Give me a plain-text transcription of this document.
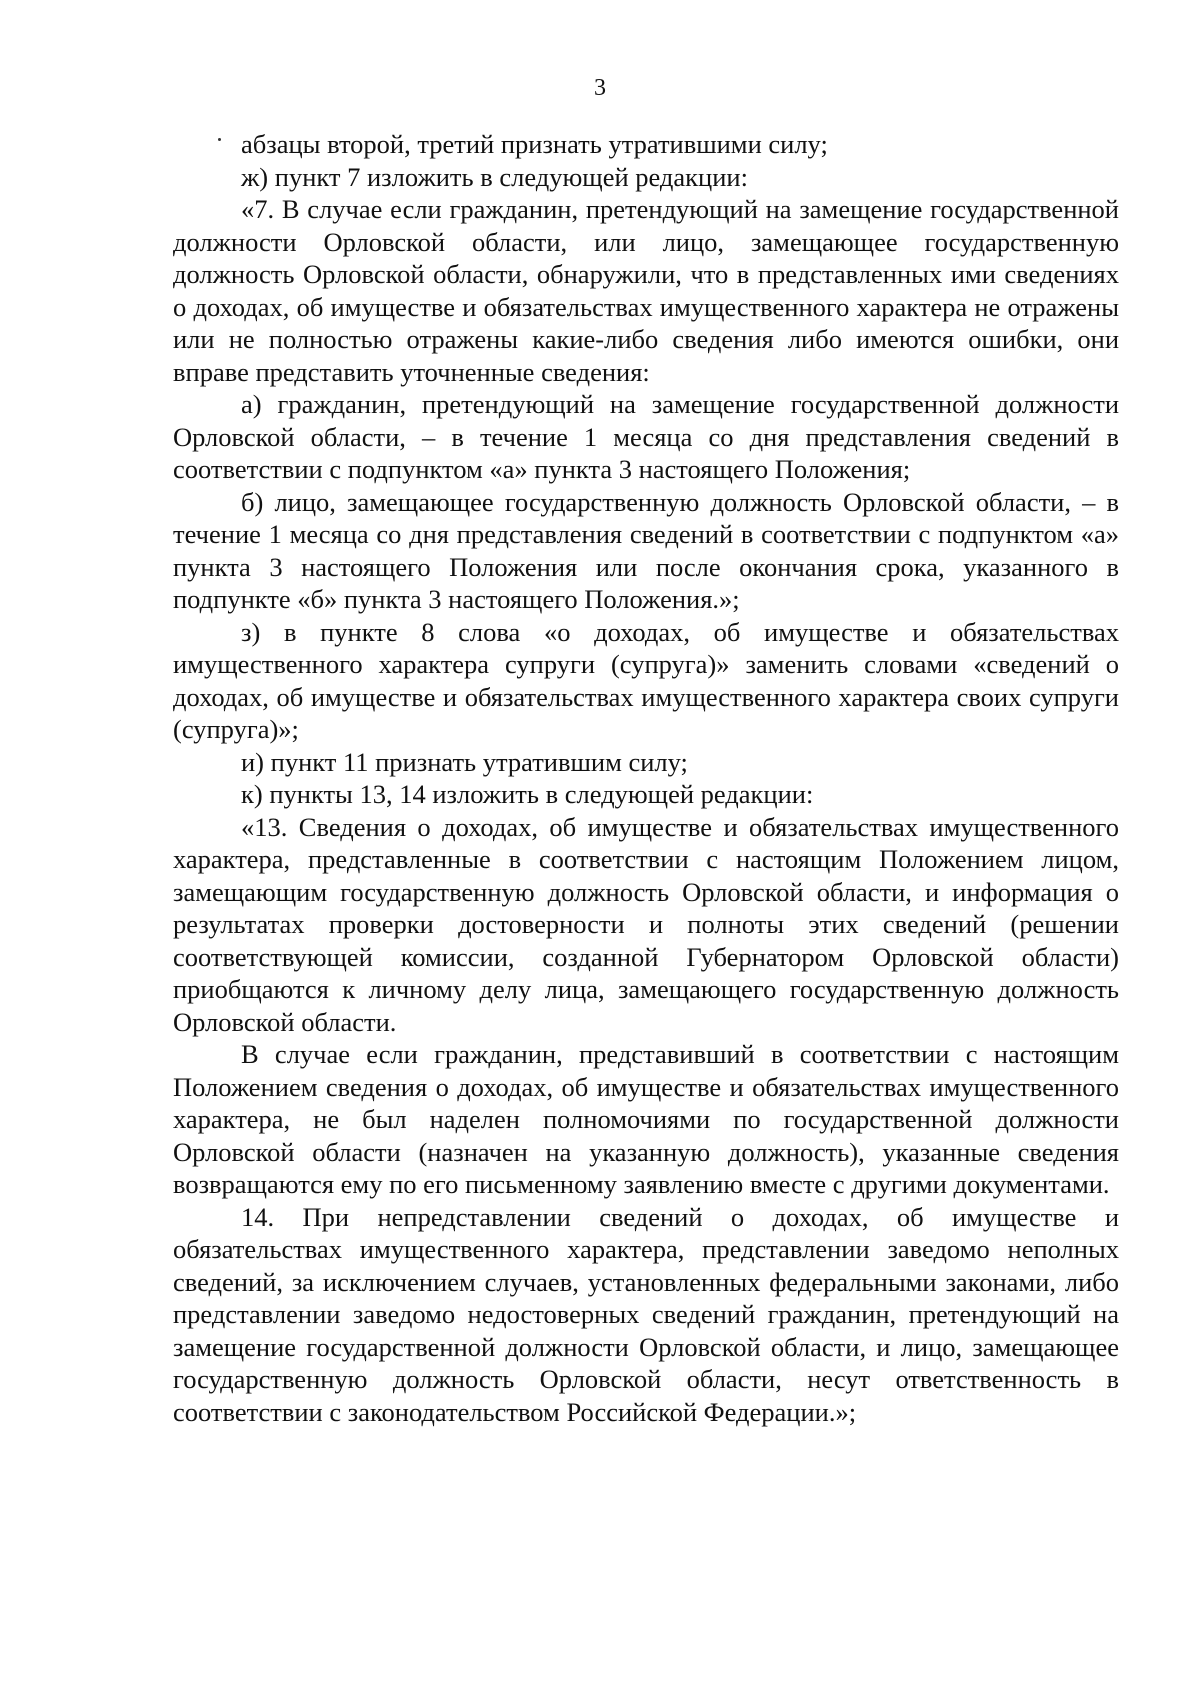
3

абзацы второй, третий признать утратившими силу;

ж) пункт 7 изложить в следующей редакции:

«7. В случае если гражданин, претендующий на замещение государственной должности Орловской области, или лицо, замещающее государственную должность Орловской области, обнаружили, что в представленных ими сведениях о доходах, об имуществе и обязательствах имущественного характера не отражены или не полностью отражены какие-либо сведения либо имеются ошибки, они вправе представить уточненные сведения:

а) гражданин, претендующий на замещение государственной должности Орловской области, – в течение 1 месяца со дня представления сведений в соответствии с подпунктом «а» пункта 3 настоящего Положения;

б) лицо, замещающее государственную должность Орловской области, – в течение 1 месяца со дня представления сведений в соответствии с подпунктом «а» пункта 3 настоящего Положения или после окончания срока, указанного в подпункте «б» пункта 3 настоящего Положения.»;

з) в пункте 8 слова «о доходах, об имуществе и обязательствах имущественного характера супруги (супруга)» заменить словами «сведений о доходах, об имуществе и обязательствах имущественного характера своих супруги (супруга)»;

и) пункт 11 признать утратившим силу;

к) пункты 13, 14 изложить в следующей редакции:

«13. Сведения о доходах, об имуществе и обязательствах имущественного характера, представленные в соответствии с настоящим Положением лицом, замещающим государственную должность Орловской области, и информация о результатах проверки достоверности и полноты этих сведений (решении соответствующей комиссии, созданной Губернатором Орловской области) приобщаются к личному делу лица, замещающего государственную должность Орловской области.

В случае если гражданин, представивший в соответствии с настоящим Положением сведения о доходах, об имуществе и обязательствах имущественного характера, не был наделен полномочиями по государственной должности Орловской области (назначен на указанную должность), указанные сведения возвращаются ему по его письменному заявлению вместе с другими документами.

14. При непредставлении сведений о доходах, об имуществе и обязательствах имущественного характера, представлении заведомо неполных сведений, за исключением случаев, установленных федеральными законами, либо представлении заведомо недостоверных сведений гражданин, претендующий на замещение государственной должности Орловской области, и лицо, замещающее государственную должность Орловской области, несут ответственность в соответствии с законодательством Российской Федерации.»;
